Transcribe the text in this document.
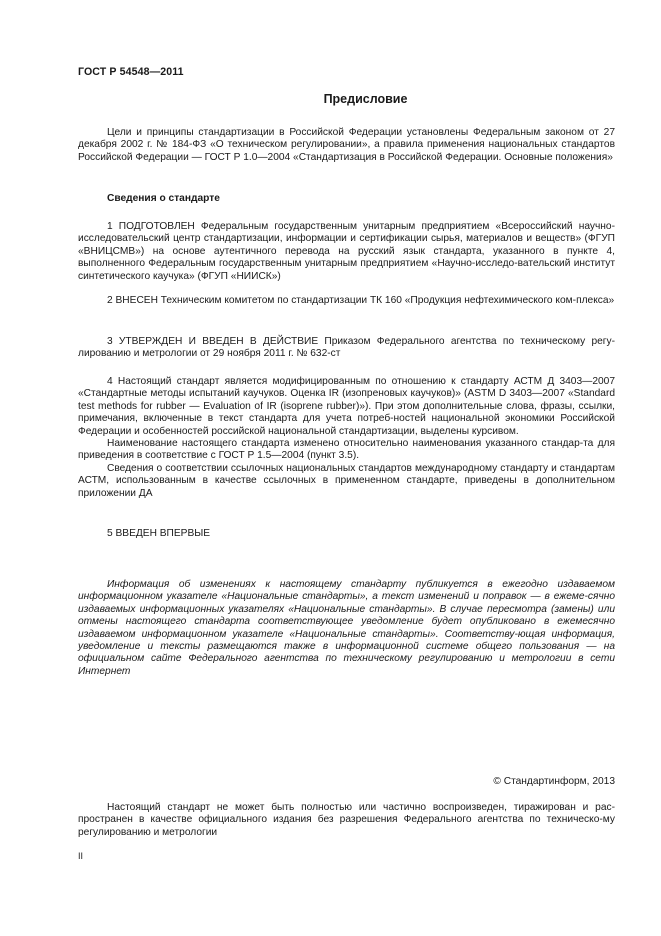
ГОСТ Р 54548—2011
Предисловие

Цели и принципы стандартизации в Российской Федерации установлены Федеральным законом от 27 декабря 2002 г. № 184-ФЗ «О техническом регулировании», а правила применения национальных стандартов Российской Федерации — ГОСТ Р 1.0—2004 «Стандартизация в Российской Федерации. Основные положения»

Сведения о стандарте

1 ПОДГОТОВЛЕН Федеральным государственным унитарным предприятием «Всероссийский научно-исследовательский центр стандартизации, информации и сертификации сырья, материалов и веществ» (ФГУП «ВНИЦСМВ») на основе аутентичного перевода на русский язык стандарта, указанного в пункте 4, выполненного Федеральным государственным унитарным предприятием «Научно-исследо-вательский институт синтетического каучука» (ФГУП «НИИСК»)

2 ВНЕСЕН Техническим комитетом по стандартизации ТК 160 «Продукция нефтехимического ком-плекса»

3 УТВЕРЖДЕН И ВВЕДЕН В ДЕЙСТВИЕ Приказом Федерального агентства по техническому регу-лированию и метрологии от 29 ноября 2011 г. № 632-ст

4 Настоящий стандарт является модифицированным по отношению к стандарту АСТМ Д 3403—2007 «Стандартные методы испытаний каучуков. Оценка IR (изопреновых каучуков)» (ASTM D 3403—2007 «Standard test methods for rubber — Evaluation of IR (isoprene rubber)»). При этом дополнительные слова, фразы, ссылки, примечания, включенные в текст стандарта для учета потреб-ностей национальной экономики Российской Федерации и особенностей российской национальной стандартизации, выделены курсивом.

Наименование настоящего стандарта изменено относительно наименования указанного стандар-та для приведения в соответствие с ГОСТ Р 1.5—2004 (пункт 3.5).

Сведения о соответствии ссылочных национальных стандартов международному стандарту и стандартам АСТМ, использованным в качестве ссылочных в примененном стандарте, приведены в дополнительном приложении ДА

5 ВВЕДЕН ВПЕРВЫЕ

Информация об изменениях к настоящему стандарту публикуется в ежегодно издаваемом информационном указателе «Национальные стандарты», а текст изменений и поправок — в ежеме-сячно издаваемых информационных указателях «Национальные стандарты». В случае пересмотра (замены) или отмены настоящего стандарта соответствующее уведомление будет опубликовано в ежемесячно издаваемом информационном указателе «Национальные стандарты». Соответству-ющая информация, уведомление и тексты размещаются также в информационной системе общего пользования — на официальном сайте Федерального агентства по техническому регулированию и метрологии в сети Интернет

© Стандартинформ, 2013

Настоящий стандарт не может быть полностью или частично воспроизведен, тиражирован и рас-пространен в качестве официального издания без разрешения Федерального агентства по техническо-му регулированию и метрологии

II
